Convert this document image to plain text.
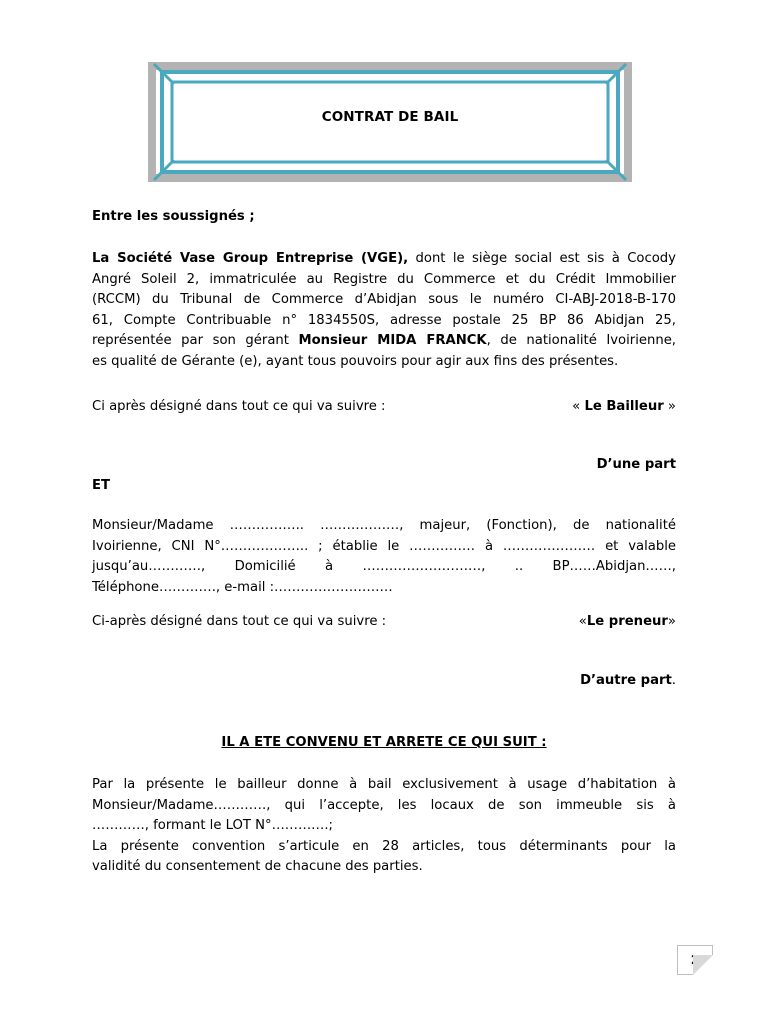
CONTRAT DE BAIL
Entre les soussignés ;

La Société Vase Group Entreprise (VGE), dont le siège social est sis à Cocody

Angré Soleil 2, immatriculée au Registre du Commerce et du Crédit Immobilier

(RCCM) du Tribunal de Commerce d’Abidjan sous le numéro CI-ABJ-2018-B-170

61, Compte Contribuable n° 1834550S, adresse postale 25 BP 86 Abidjan 25,

représentée par son gérant Monsieur MIDA FRANCK, de nationalité Ivoirienne,

es qualité de Gérante (e), ayant tous pouvoirs pour agir aux fins des présentes.

Ci après désigné dans tout ce qui va suivre :	« Le Bailleur »
D’une part
ET

Monsieur/Madame …………….. ………………, majeur, (Fonction), de nationalité

Ivoirienne, CNI N°……………….. ; établie le …………… à ………………… et valable

jusqu’au…………, Domicilié à ………………………, .. BP……Abidjan……,

Téléphone…………., e-mail :………………………

Ci-après désigné dans tout ce qui va suivre :	«Le preneur»
D’autre part.
IL A ETE CONVENU ET ARRETE CE QUI SUIT :

Par la présente le bailleur donne à bail exclusivement à usage d’habitation à

Monsieur/Madame…………, qui l’accepte, les locaux de son immeuble sis à

…………, formant le LOT N°………….;

La présente convention s’articule en 28 articles, tous déterminants pour la

validité du consentement de chacune des parties.

2
